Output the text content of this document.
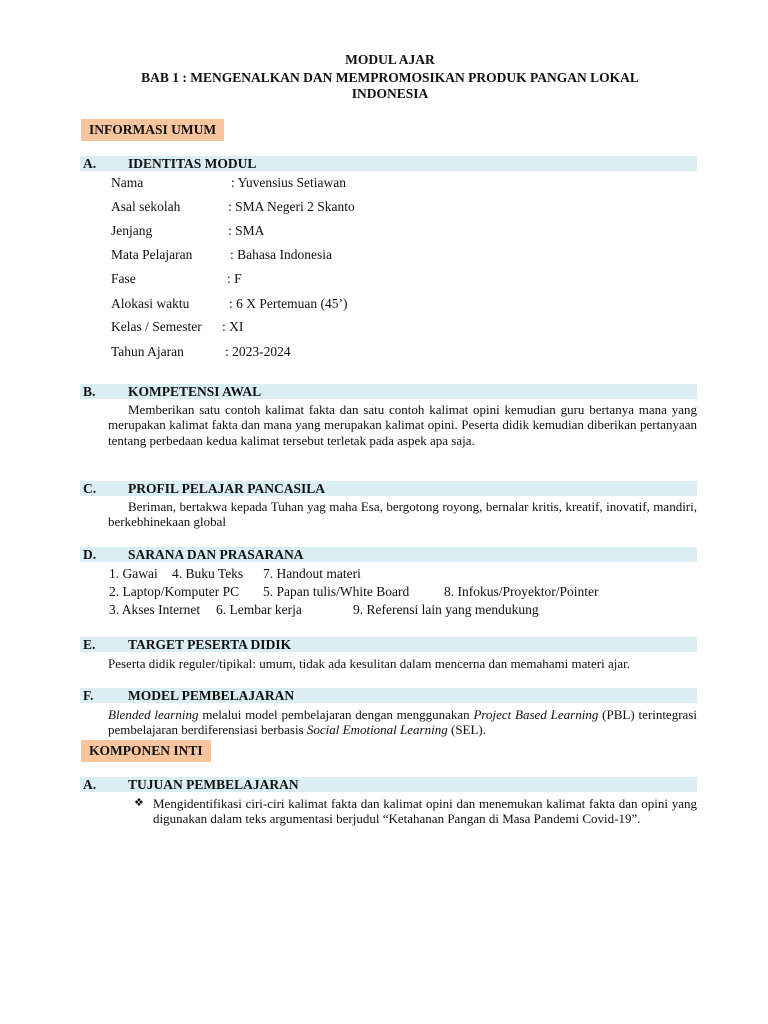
MODUL AJAR
BAB 1 : MENGENALKAN DAN MEMPROMOSIKAN PRODUK PANGAN LOKAL
INDONESIA
INFORMASI UMUM
A. IDENTITAS MODUL
Nama	: Yuvensius Setiawan
Asal sekolah	: SMA Negeri 2 Skanto
Jenjang	: SMA
Mata Pelajaran	: Bahasa Indonesia
Fase	: F
Alokasi waktu	: 6 X Pertemuan (45’)
Kelas / Semester : XI
Tahun Ajaran	: 2023-2024
B. KOMPETENSI AWAL
Memberikan satu contoh kalimat fakta dan satu contoh kalimat opini kemudian guru bertanya mana yang merupakan kalimat fakta dan mana yang merupakan kalimat opini. Peserta didik kemudian diberikan pertanyaan tentang perbedaan kedua kalimat tersebut terletak pada aspek apa saja.
C. PROFIL PELAJAR PANCASILA
Beriman, bertakwa kepada Tuhan yag maha Esa, bergotong royong, bernalar kritis, kreatif, inovatif, mandiri, berkebhinekaan global
D. SARANA DAN PRASARANA
1. Gawai 4. Buku Teks 7. Handout materi
2. Laptop/Komputer PC 5. Papan tulis/White Board	8. Infokus/Proyektor/Pointer
3. Akses Internet 6. Lembar kerja	9. Referensi lain yang mendukung
E. TARGET PESERTA DIDIK
Peserta didik reguler/tipikal: umum, tidak ada kesulitan dalam mencerna dan memahami materi ajar.
F.	MODEL PEMBELAJARAN
Blended learning melalui model pembelajaran dengan menggunakan Project Based Learning (PBL) terintegrasi pembelajaran berdiferensiasi berbasis Social Emotional Learning (SEL).
KOMPONEN INTI
A. TUJUAN PEMBELAJARAN
❖ Mengidentifikasi ciri-ciri kalimat fakta dan kalimat opini dan menemukan kalimat fakta dan opini yang digunakan dalam teks argumentasi berjudul “Ketahanan Pangan di Masa Pandemi Covid-19”.
